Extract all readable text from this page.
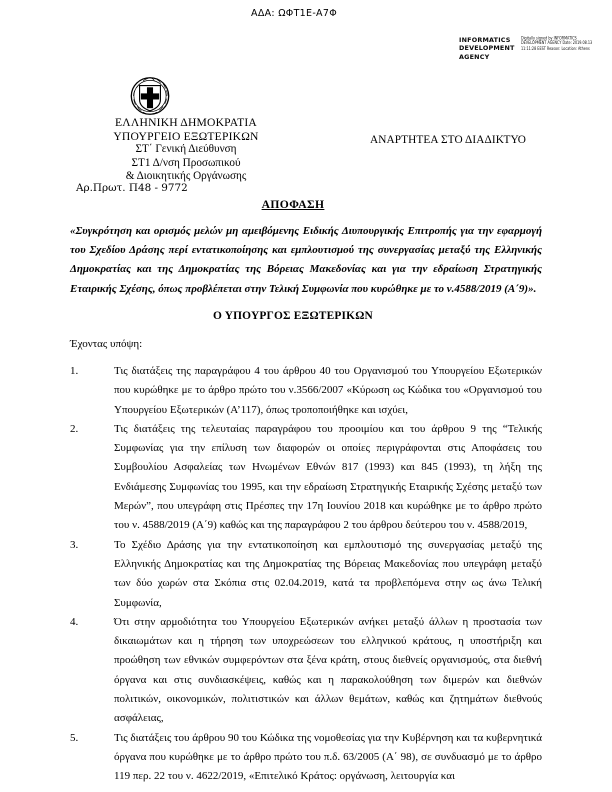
ΑΔΑ: ΩΦΤ1Ε-Α7Φ
INFORMATICS DEVELOPMENT AGENCY
Digitally signed by INFORMATICS DEVELOPMENT AGENCY Date: 2019.08.13 11:11:28 EEST Reason: Location: Athens
ΕΛΛΗΝΙΚΗ ΔΗΜΟΚΡΑΤΙΑ
ΥΠΟΥΡΓΕΙΟ ΕΞΩΤΕΡΙΚΩΝ
ΣΤ΄ Γενική Διεύθυνση
ΣΤ1 Δ/νση Προσωπικού
& Διοικητικής Οργάνωσης
Αρ.Πρωτ. Π48 - 9772
ΑΝΑΡΤΗΤΕΑ ΣΤΟ ΔΙΑΔΙΚΤΥΟ
ΑΠΟΦΑΣΗ
«Συγκρότηση και ορισμός μελών μη αμειβόμενης Ειδικής Διυπουργικής Επιτροπής για την εφαρμογή του Σχεδίου Δράσης περί εντατικοποίησης και εμπλουτισμού της συνεργασίας μεταξύ της Ελληνικής Δημοκρατίας και της Δημοκρατίας της Βόρειας Μακεδονίας και για την εδραίωση Στρατηγικής Εταιρικής Σχέσης, όπως προβλέπεται στην Τελική Συμφωνία που κυρώθηκε με το ν.4588/2019 (Α΄9)».
Ο ΥΠΟΥΡΓΟΣ ΕΞΩΤΕΡΙΚΩΝ
Έχοντας υπόψη:
1.	Τις διατάξεις της παραγράφου 4 του άρθρου 40 του Οργανισμού του Υπουργείου Εξωτερικών που κυρώθηκε με το άρθρο πρώτο του ν.3566/2007 «Κύρωση ως Κώδικα του «Οργανισμού του Υπουργείου Εξωτερικών (Α’117), όπως τροποποιήθηκε και ισχύει,
2.	Τις διατάξεις της τελευταίας παραγράφου του προοιμίου και του άρθρου 9 της “Τελικής Συμφωνίας για την επίλυση των διαφορών οι οποίες περιγράφονται στις Αποφάσεις του Συμβουλίου Ασφαλείας των Ηνωμένων Εθνών 817 (1993) και 845 (1993), τη λήξη της Ενδιάμεσης Συμφωνίας του 1995, και την εδραίωση Στρατηγικής Εταιρικής Σχέσης μεταξύ των Μερών”, που υπεγράφη στις Πρέσπες την 17η Ιουνίου 2018 και κυρώθηκε με το άρθρο πρώτο του ν. 4588/2019 (Α΄9) καθώς και της παραγράφου 2 του άρθρου δεύτερου του ν. 4588/2019,
3.	Το Σχέδιο Δράσης για την εντατικοποίηση και εμπλουτισμό της συνεργασίας μεταξύ της Ελληνικής Δημοκρατίας και της Δημοκρατίας της Βόρειας Μακεδονίας που υπεγράφη μεταξύ των δύο χωρών στα Σκόπια στις 02.04.2019, κατά τα προβλεπόμενα στην ως άνω Τελική Συμφωνία,
4.	Ότι στην αρμοδιότητα του Υπουργείου Εξωτερικών ανήκει μεταξύ άλλων η προστασία των δικαιωμάτων και η τήρηση των υποχρεώσεων του ελληνικού κράτους, η υποστήριξη και προώθηση των εθνικών συμφερόντων στα ξένα κράτη, στους διεθνείς οργανισμούς, στα διεθνή όργανα και στις συνδιασκέψεις, καθώς και η παρακολούθηση των διμερών και διεθνών πολιτικών, οικονομικών, πολιτιστικών και άλλων θεμάτων, καθώς και ζητημάτων διεθνούς ασφάλειας,
5.	Τις διατάξεις του άρθρου 90 του Κώδικα της νομοθεσίας για την Κυβέρνηση και τα κυβερνητικά όργανα που κυρώθηκε με το άρθρο πρώτο του π.δ. 63/2005 (Α΄ 98), σε συνδυασμό με το άρθρο 119 περ. 22 του ν. 4622/2019, «Επιτελικό Κράτος: οργάνωση, λειτουργία και
